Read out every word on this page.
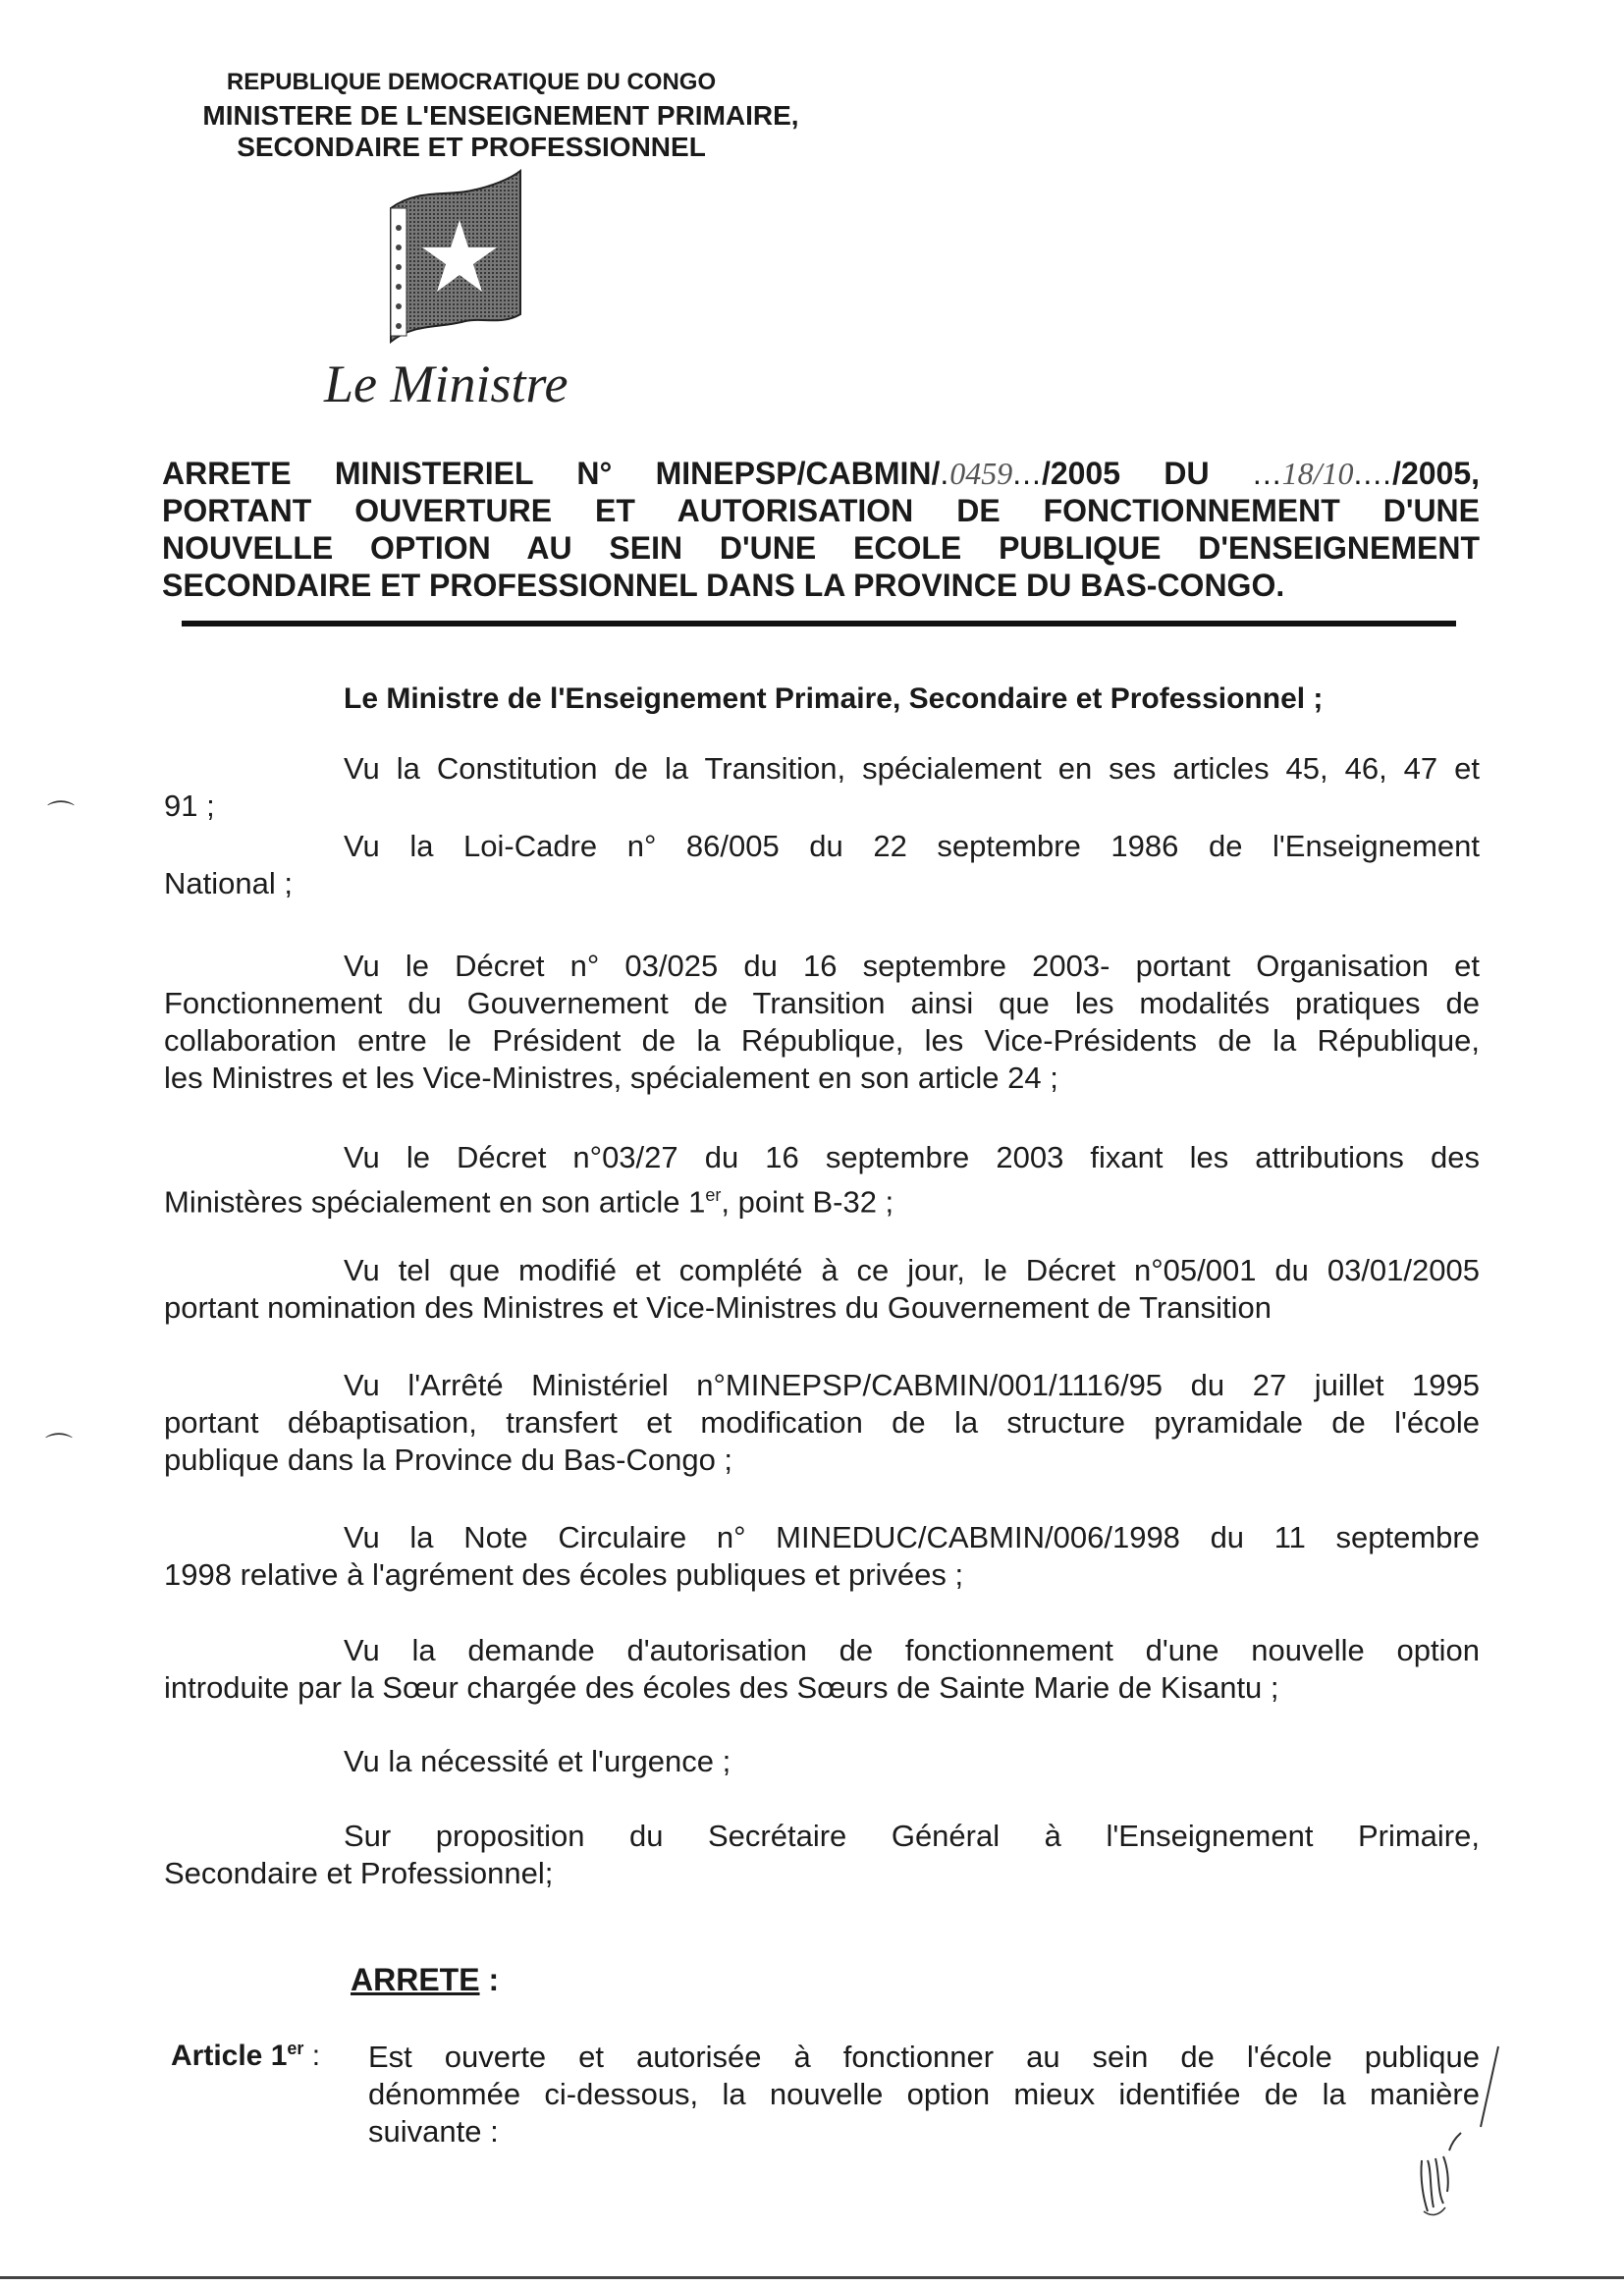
REPUBLIQUE DEMOCRATIQUE DU CONGO
MINISTERE DE L'ENSEIGNEMENT PRIMAIRE,
SECONDAIRE ET PROFESSIONNEL
Le Ministre
ARRETE MINISTERIEL N° MINEPSP/CABMIN/.0459.../2005 DU ...18/10..../2005,
PORTANT OUVERTURE ET AUTORISATION DE FONCTIONNEMENT D'UNE
NOUVELLE OPTION AU SEIN D'UNE ECOLE PUBLIQUE D'ENSEIGNEMENT
SECONDAIRE ET PROFESSIONNEL DANS LA PROVINCE DU BAS-CONGO.
Le Ministre de l'Enseignement Primaire, Secondaire et Professionnel ;
Vu la Constitution de la Transition, spécialement en ses articles 45, 46, 47 et
91 ;
Vu la Loi-Cadre n° 86/005 du 22 septembre 1986 de l'Enseignement
National ;
Vu le Décret n° 03/025 du 16 septembre 2003- portant Organisation et
Fonctionnement du Gouvernement de Transition ainsi que les modalités pratiques de
collaboration entre le Président de la République, les Vice-Présidents de la République,
les Ministres et les Vice-Ministres, spécialement en son article 24 ;
Vu le Décret n°03/27 du 16 septembre 2003 fixant les attributions des
Ministères spécialement en son article 1er, point B-32 ;
Vu tel que modifié et complété à ce jour, le Décret n°05/001 du 03/01/2005
portant nomination des Ministres et Vice-Ministres du Gouvernement de Transition
Vu l'Arrêté Ministériel n°MINEPSP/CABMIN/001/1116/95 du 27 juillet 1995
portant débaptisation, transfert et modification de la structure pyramidale de l'école
publique dans la Province du Bas-Congo ;
Vu la Note Circulaire n° MINEDUC/CABMIN/006/1998 du 11 septembre
1998 relative à l'agrément des écoles publiques et privées ;
Vu la demande d'autorisation de fonctionnement d'une nouvelle option
introduite par la Sœur chargée des écoles des Sœurs de Sainte Marie de Kisantu ;
Vu la nécessité et l'urgence ;
Sur proposition du Secrétaire Général à l'Enseignement Primaire,
Secondaire et Professionnel;
ARRETE :
Article 1er : Est ouverte et autorisée à fonctionner au sein de l'école publique
dénommée ci-dessous, la nouvelle option mieux identifiée de la manière
suivante :
⌒
⌒
